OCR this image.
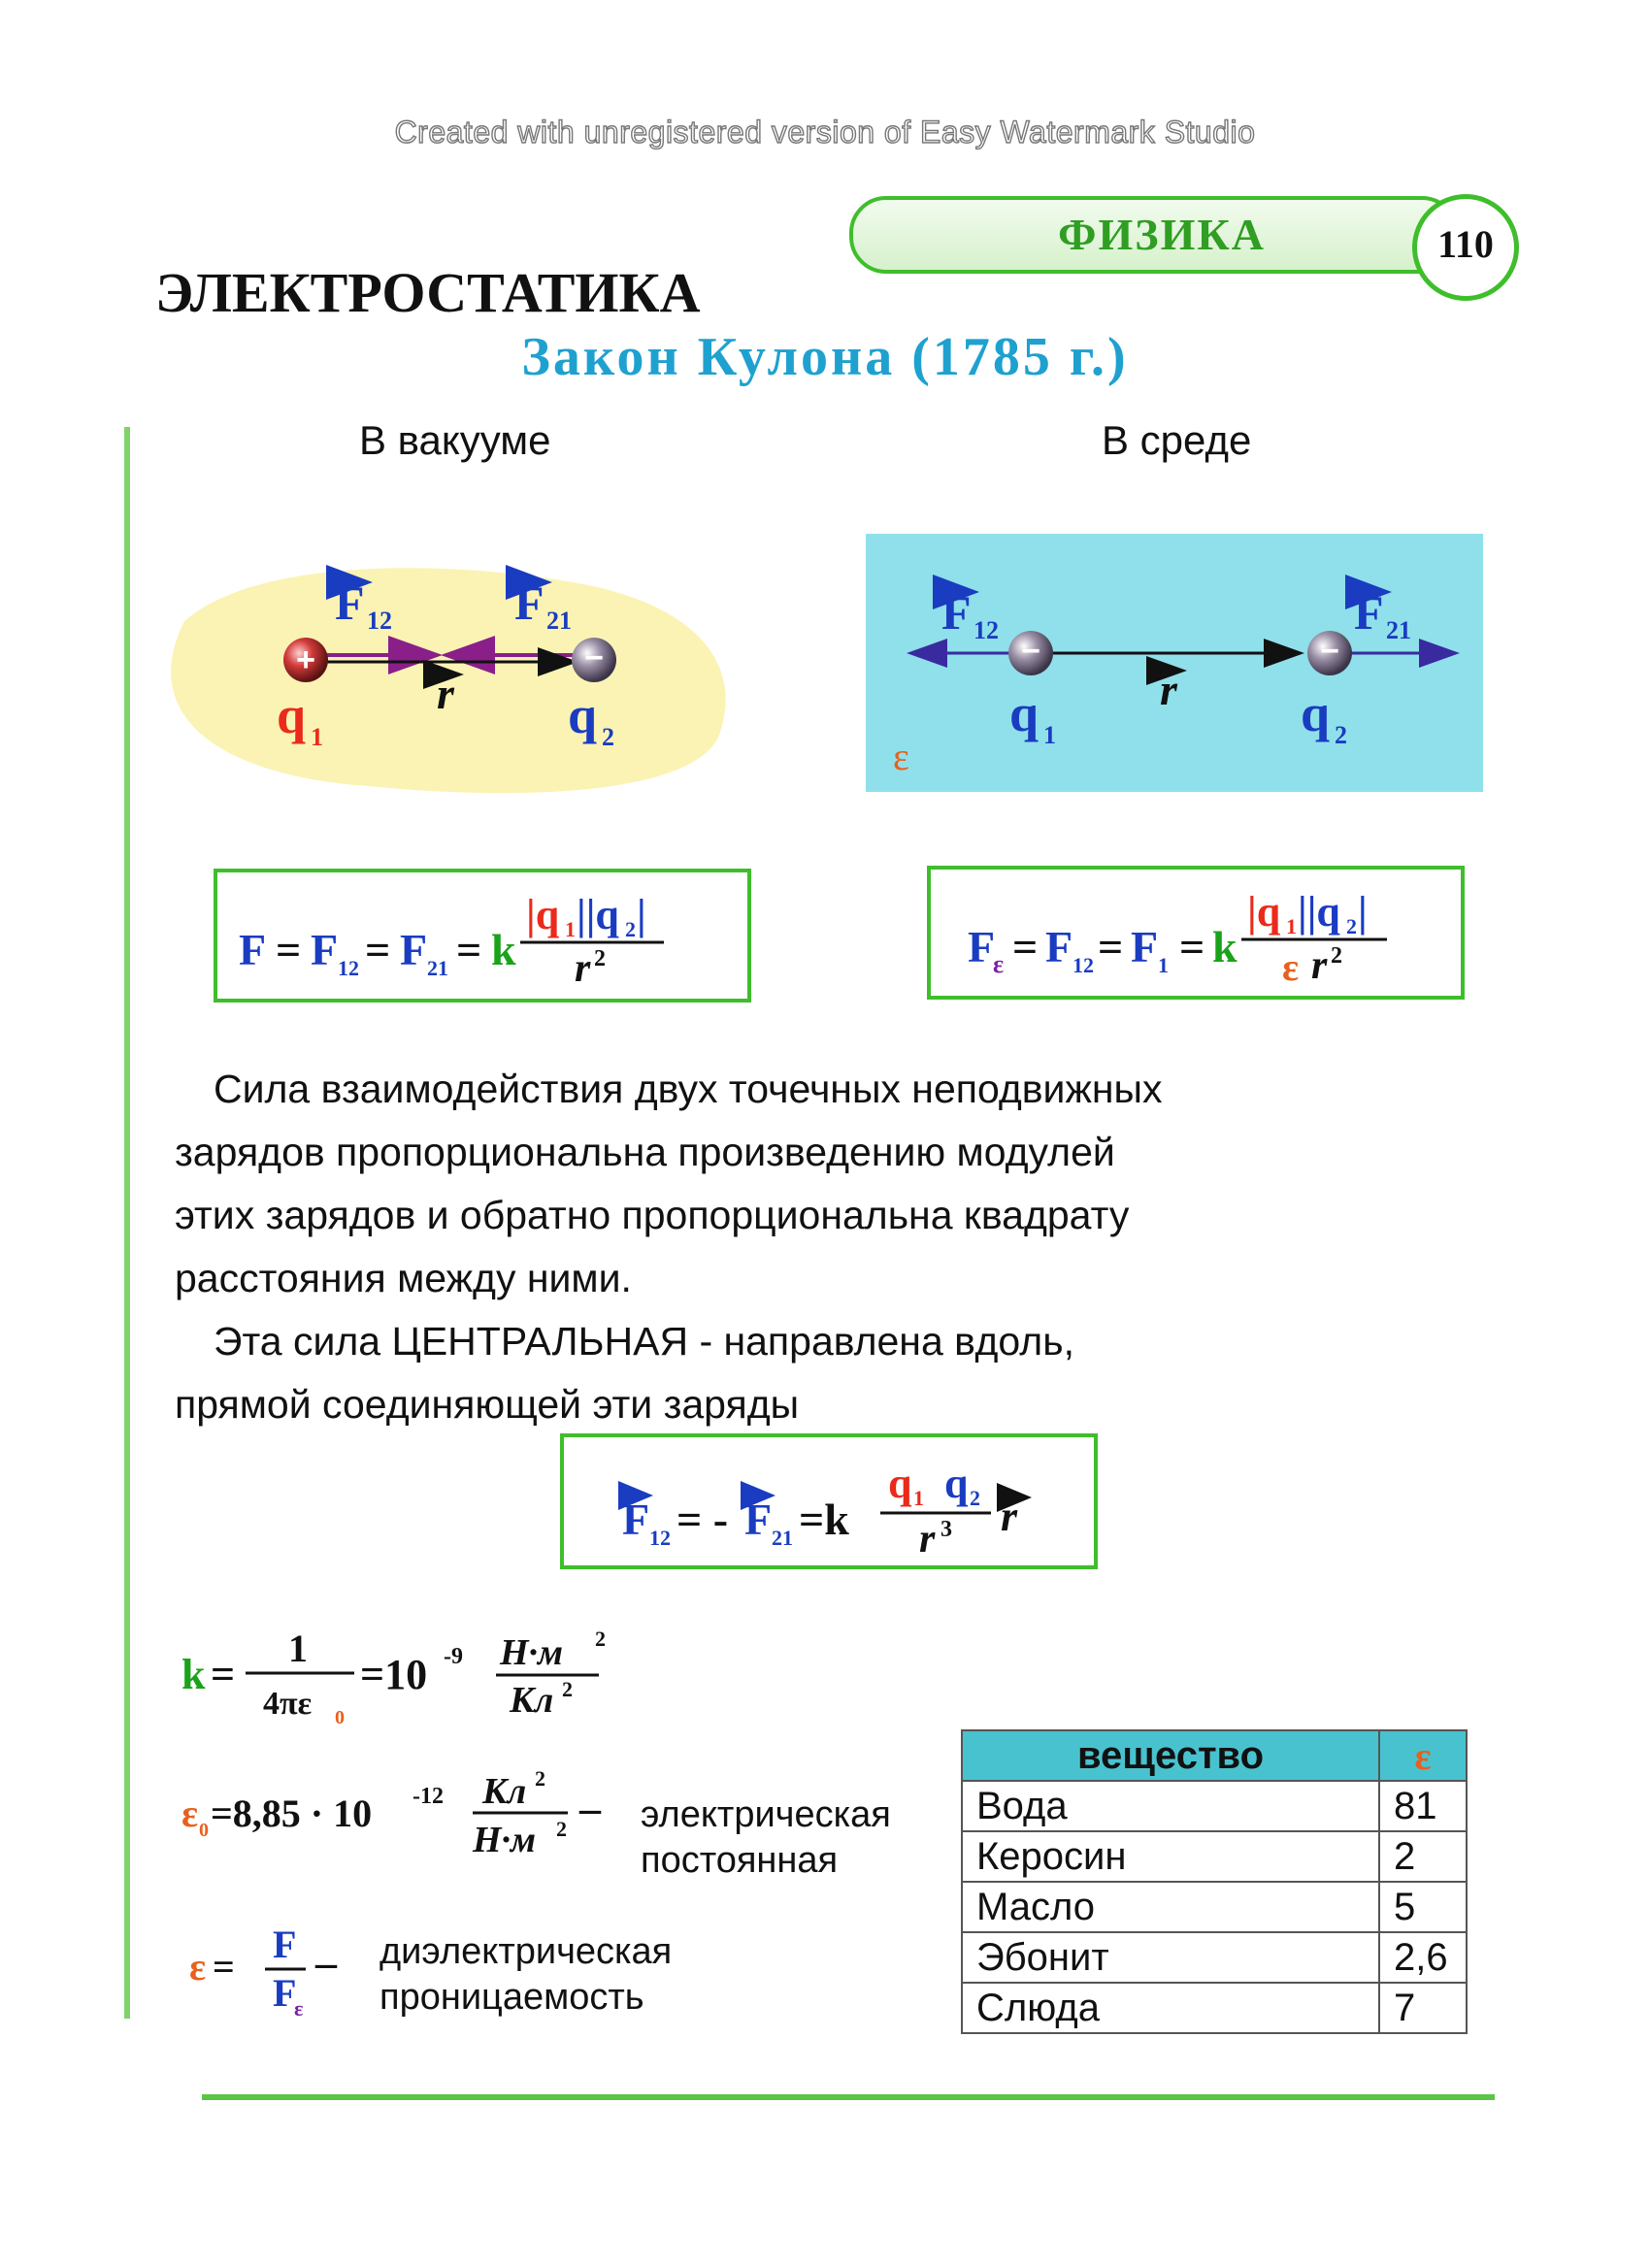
Created with unregistered version of Easy Watermark Studio
ФИЗИКА	110
ЭЛЕКТРОСТАТИКА
Закон Кулона (1785 г.)
В вакууме	В среде
+	−
F 12	F 21
r
q 1	q 2
−	−
F 12	F 21
r
q 1	q 2
ε
F = F 12 = F 21 = k
|q 1 ||q 2 |
r 2	F
ε = F 12 = F 1 = k
|q 1 ||q 2 |
ε r 2
Сила взаимодействия двух точечных неподвижных
зарядов пропорциональна произведению модулей
этих зарядов и обратно пропорциональна квадрату
расстояния между ними.
Эта сила ЦЕНТРАЛЬНАЯ - направлена вдоль,
прямой соединяющей эти заряды
F 12 = - F 21 =k
q 1 q 2
r 3 r
k =
1
4πε 0
=10 -9 Н·м 2
Кл 2
ε 0 =8,85 · 10 -12 Кл 2
Н·м 2 – электрическая
постоянная
ε =
F
F
ε
– диэлектрическая
проницаемость
вещество	ε
Вода	81
Керосин	2
Масло	5
Эбонит	2,6
Слюда	7
